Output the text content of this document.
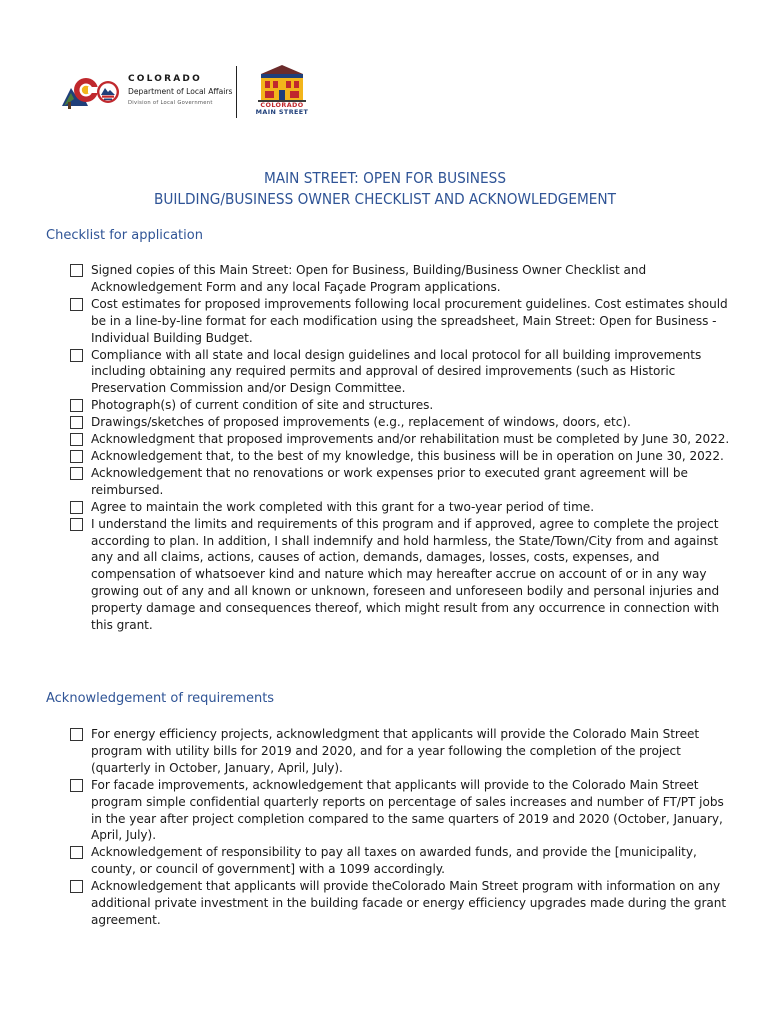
COLORADO
Department of Local Affairs
Division of Local Government	COLORADO
MAIN STREET
MAIN STREET: OPEN FOR BUSINESS
BUILDING/BUSINESS OWNER CHECKLIST AND ACKNOWLEDGEMENT
Checklist for application
Signed copies of this Main Street: Open for Business, Building/Business Owner Checklist and Acknowledgement Form and any local Façade Program applications.
Cost estimates for proposed improvements following local procurement guidelines. Cost estimates should be in a line-by-line format for each modification using the spreadsheet, Main Street: Open for Business - Individual Building Budget.
Compliance with all state and local design guidelines and local protocol for all building improvements including obtaining any required permits and approval of desired improvements (such as Historic Preservation Commission and/or Design Committee.
Photograph(s) of current condition of site and structures.
Drawings/sketches of proposed improvements (e.g., replacement of windows, doors, etc).
Acknowledgment that proposed improvements and/or rehabilitation must be completed by June 30, 2022.
Acknowledgement that, to the best of my knowledge, this business will be in operation on June 30, 2022.
Acknowledgement that no renovations or work expenses prior to executed grant agreement will be reimbursed.
Agree to maintain the work completed with this grant for a two-year period of time.
I understand the limits and requirements of this program and if approved, agree to complete the project according to plan. In addition, I shall indemnify and hold harmless, the State/Town/City from and against any and all claims, actions, causes of action, demands, damages, losses, costs, expenses, and compensation of whatsoever kind and nature which may hereafter accrue on account of or in any way growing out of any and all known or unknown, foreseen and unforeseen bodily and personal injuries and property damage and consequences thereof, which might result from any occurrence in connection with this grant.
Acknowledgement of requirements
For energy efficiency projects, acknowledgment that applicants will provide the Colorado Main Street program with utility bills for 2019 and 2020, and for a year following the completion of the project (quarterly in October, January, April, July).
For facade improvements, acknowledgement that applicants will provide to the Colorado Main Street program simple confidential quarterly reports on percentage of sales increases and number of FT/PT jobs in the year after project completion compared to the same quarters of 2019 and 2020 (October, January, April, July).
Acknowledgement of responsibility to pay all taxes on awarded funds, and provide the [municipality, county, or council of government] with a 1099 accordingly.
Acknowledgement that applicants will provide theColorado Main Street program with information on any additional private investment in the building facade or energy efficiency upgrades made during the grant agreement.
